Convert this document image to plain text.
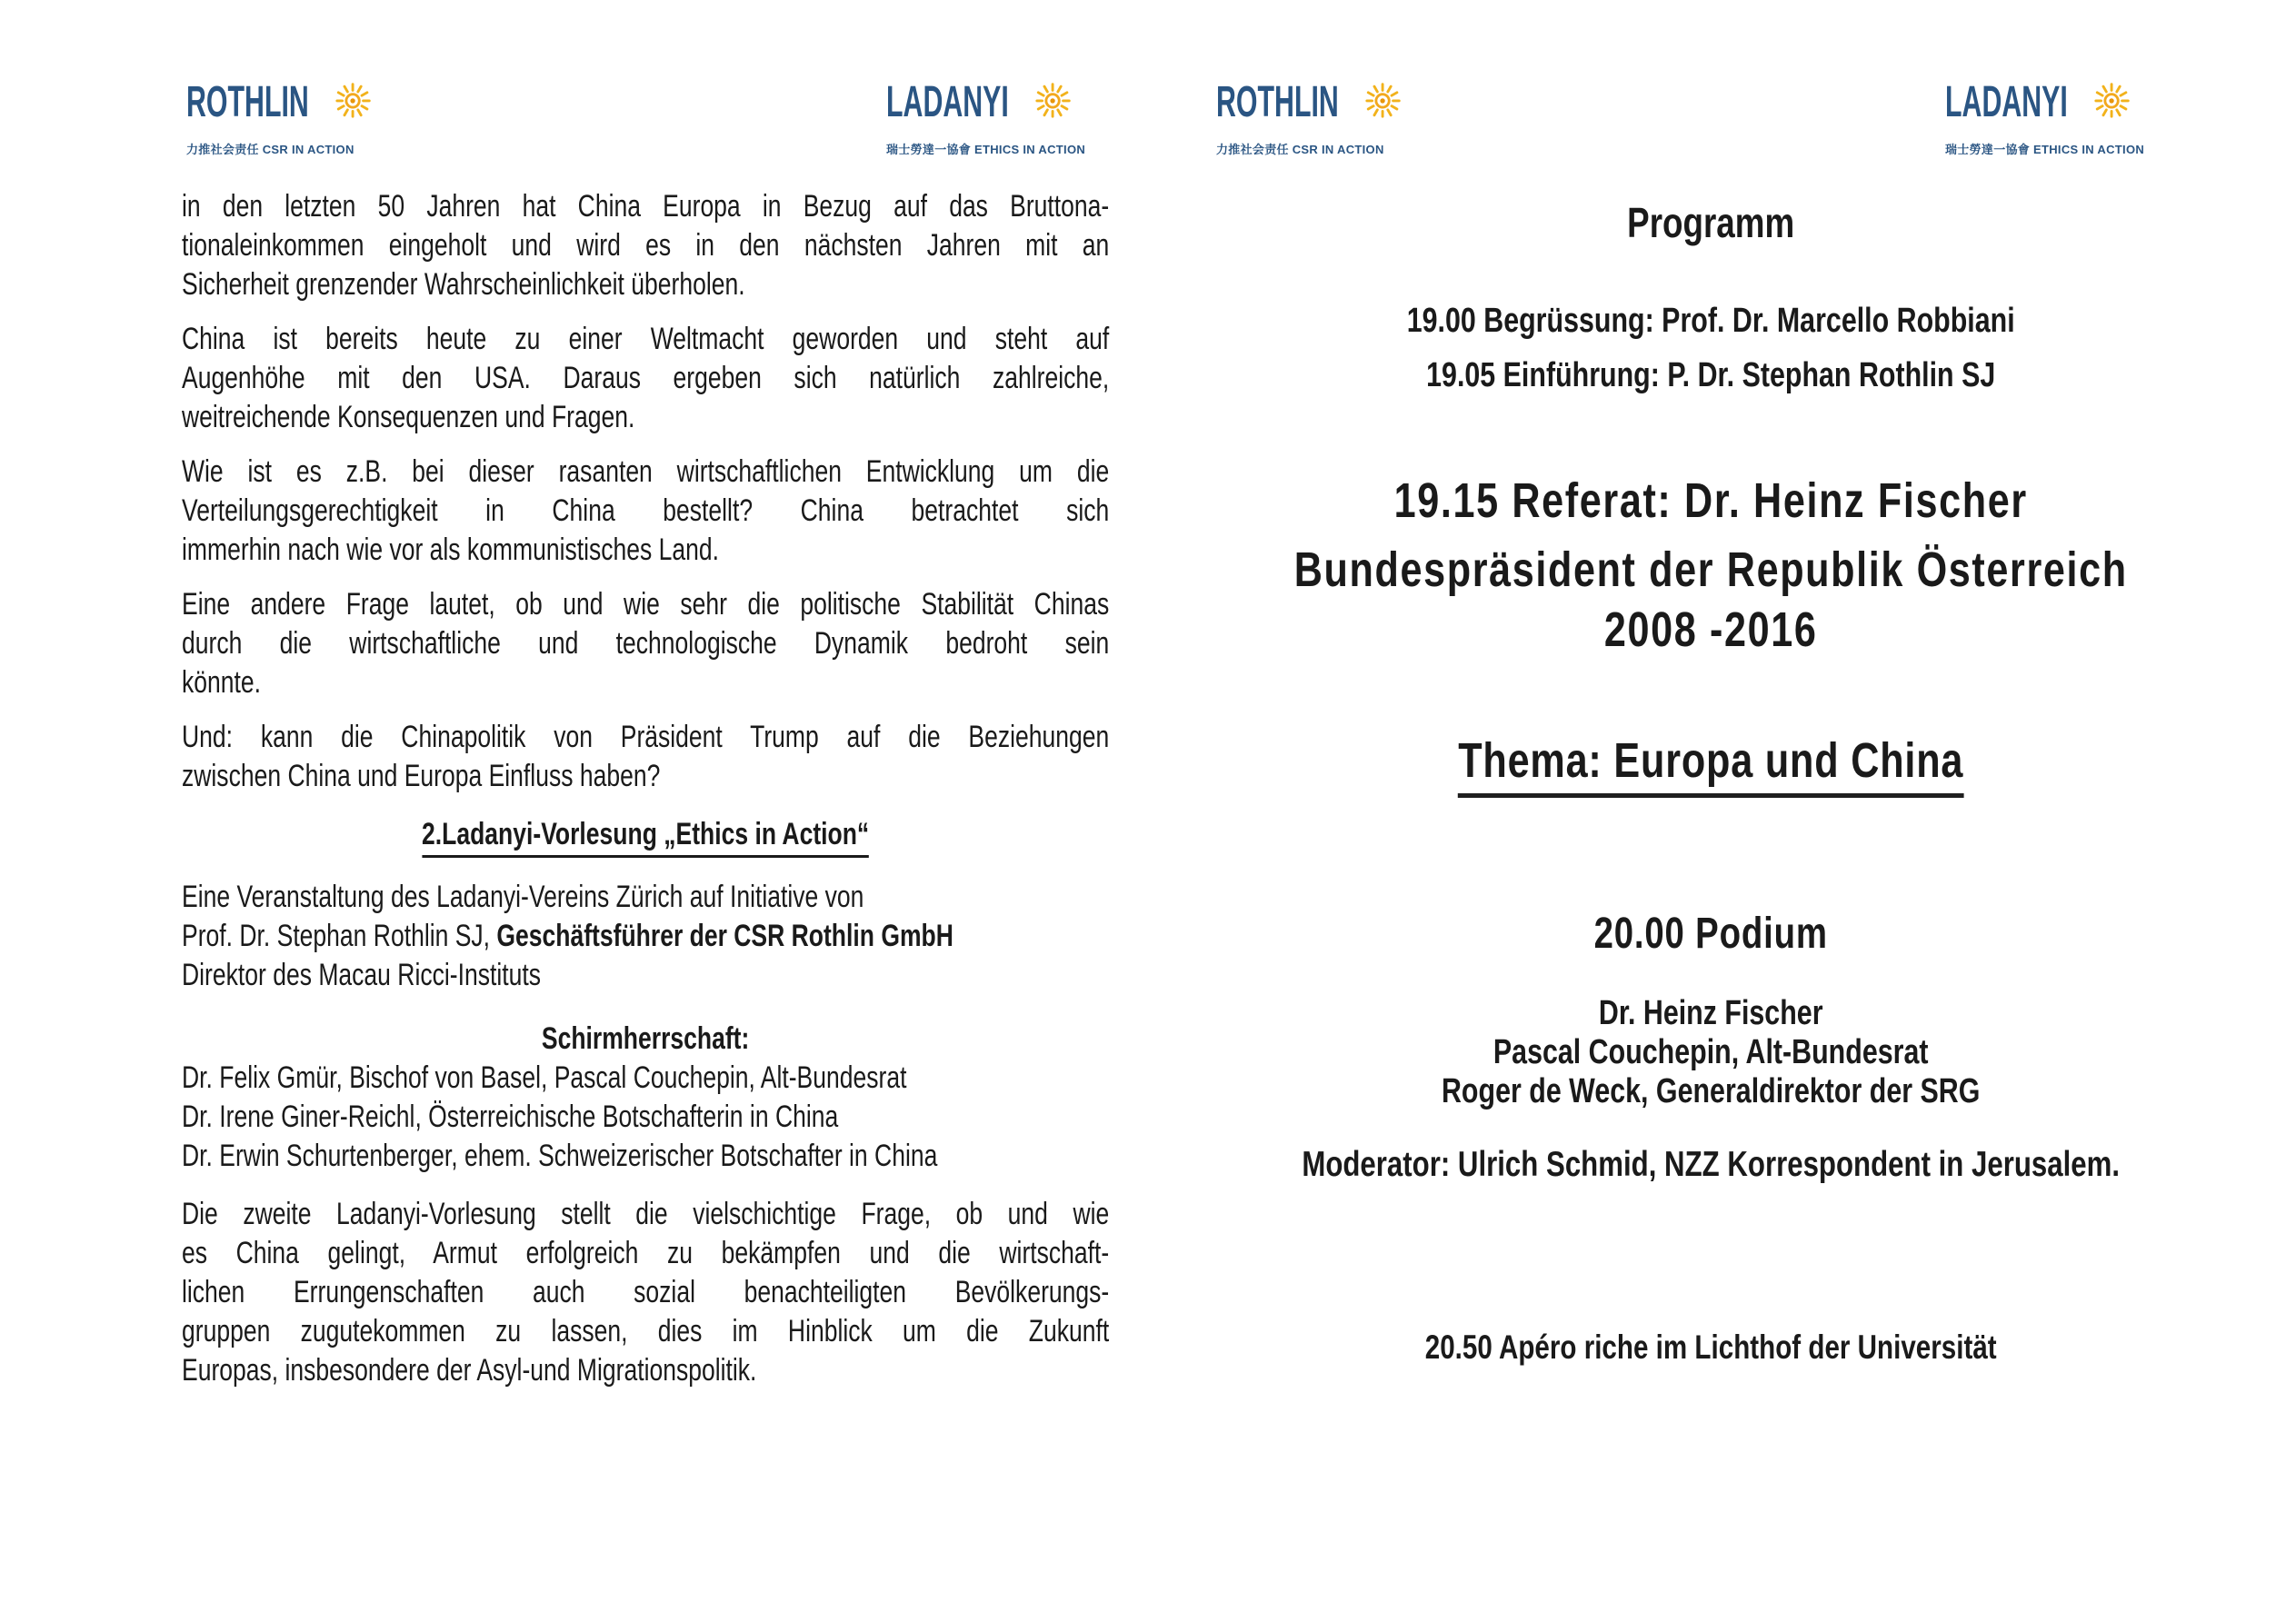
ROTHLIN
力推社会责任 CSR IN ACTION
LADANYI
瑞士勞達一協會 ETHICS IN ACTION

in den letzten 50 Jahren hat China Europa in Bezug auf das Bruttona-
tionaleinkommen eingeholt und wird es in den nächsten Jahren mit an
Sicherheit grenzender Wahrscheinlichkeit überholen.

China ist bereits heute zu einer Weltmacht geworden und steht auf
Augenhöhe mit den USA. Daraus ergeben sich natürlich zahlreiche,
weitreichende Konsequenzen und Fragen.

Wie ist es z.B. bei dieser rasanten wirtschaftlichen Entwicklung um die
Verteilungsgerechtigkeit in China bestellt? China betrachtet sich
immerhin nach wie vor als kommunistisches Land.

Eine andere Frage lautet, ob und wie sehr die politische Stabilität Chinas
durch die wirtschaftliche und technologische Dynamik bedroht sein
könnte.

Und: kann die Chinapolitik von Präsident Trump auf die Beziehungen
zwischen China und Europa Einfluss haben?

2.Ladanyi-Vorlesung „Ethics in Action“

Eine Veranstaltung des Ladanyi-Vereins Zürich auf Initiative von
Prof. Dr. Stephan Rothlin SJ, Geschäftsführer der CSR Rothlin GmbH
Direktor des Macau Ricci-Instituts

Schirmherrschaft:
Dr. Felix Gmür, Bischof von Basel, Pascal Couchepin, Alt-Bundesrat
Dr. Irene Giner-Reichl, Österreichische Botschafterin in China
Dr. Erwin Schurtenberger, ehem. Schweizerischer Botschafter in China

Die zweite Ladanyi-Vorlesung stellt die vielschichtige Frage, ob und wie
es China gelingt, Armut erfolgreich zu bekämpfen und die wirtschaft-
lichen Errungenschaften auch sozial benachteiligten Bevölkerungs-
gruppen zugutekommen zu lassen, dies im Hinblick um die Zukunft
Europas, insbesondere der Asyl-und Migrationspolitik.

ROTHLIN
力推社会责任 CSR IN ACTION
LADANYI
瑞士勞達一協會 ETHICS IN ACTION
Programm
19.00 Begrüssung: Prof. Dr. Marcello Robbiani
19.05 Einführung: P. Dr. Stephan Rothlin SJ
19.15 Referat: Dr. Heinz Fischer
Bundespräsident der Republik Österreich
2008 -2016
Thema: Europa und China
20.00 Podium
Dr. Heinz Fischer
Pascal Couchepin, Alt-Bundesrat
Roger de Weck, Generaldirektor der SRG
Moderator: Ulrich Schmid, NZZ Korrespondent in Jerusalem.
20.50 Apéro riche im Lichthof der Universität
